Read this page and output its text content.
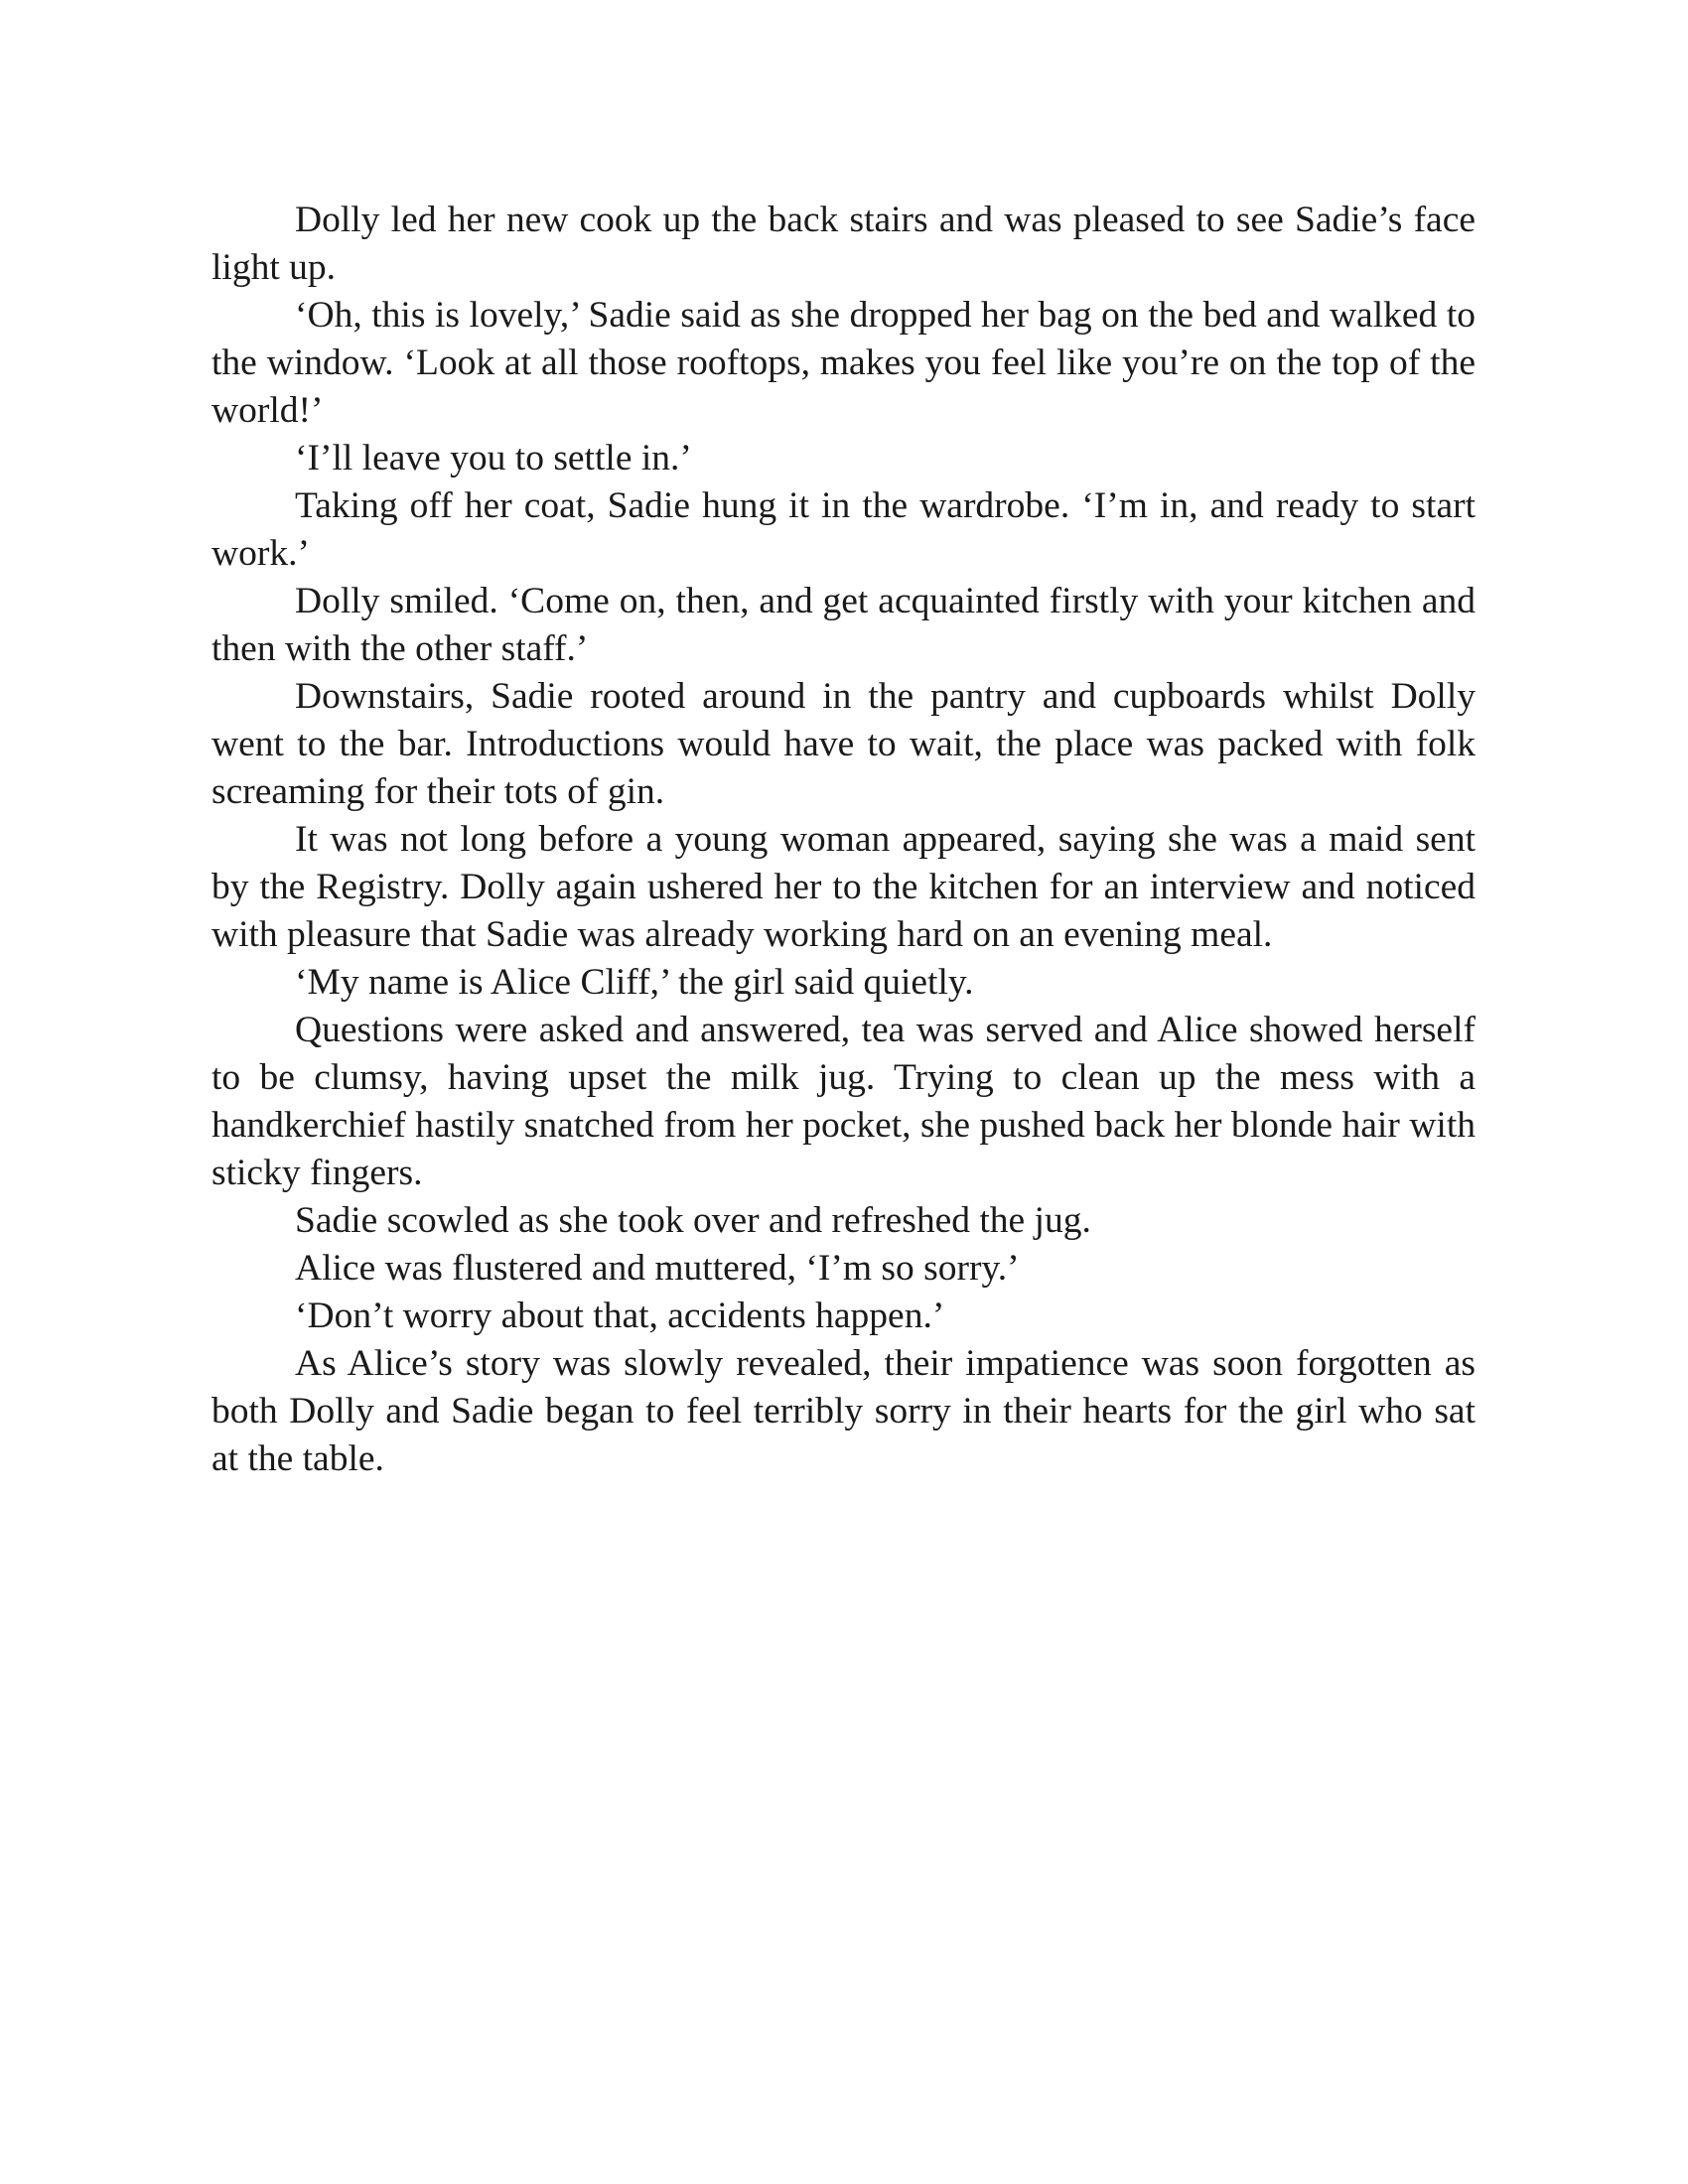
Dolly led her new cook up the back stairs and was pleased to see Sadie’s face light up.

‘Oh, this is lovely,’ Sadie said as she dropped her bag on the bed and walked to the window. ‘Look at all those rooftops, makes you feel like you’re on the top of the world!’

‘I’ll leave you to settle in.’

Taking off her coat, Sadie hung it in the wardrobe. ‘I’m in, and ready to start work.’

Dolly smiled. ‘Come on, then, and get acquainted firstly with your kitchen and then with the other staff.’

Downstairs, Sadie rooted around in the pantry and cupboards whilst Dolly went to the bar. Introductions would have to wait, the place was packed with folk screaming for their tots of gin.

It was not long before a young woman appeared, saying she was a maid sent by the Registry. Dolly again ushered her to the kitchen for an interview and noticed with pleasure that Sadie was already working hard on an evening meal.

‘My name is Alice Cliff,’ the girl said quietly.

Questions were asked and answered, tea was served and Alice showed herself to be clumsy, having upset the milk jug. Trying to clean up the mess with a handkerchief hastily snatched from her pocket, she pushed back her blonde hair with sticky fingers.

Sadie scowled as she took over and refreshed the jug.

Alice was flustered and muttered, ‘I’m so sorry.’

‘Don’t worry about that, accidents happen.’

As Alice’s story was slowly revealed, their impatience was soon forgotten as both Dolly and Sadie began to feel terribly sorry in their hearts for the girl who sat at the table.
